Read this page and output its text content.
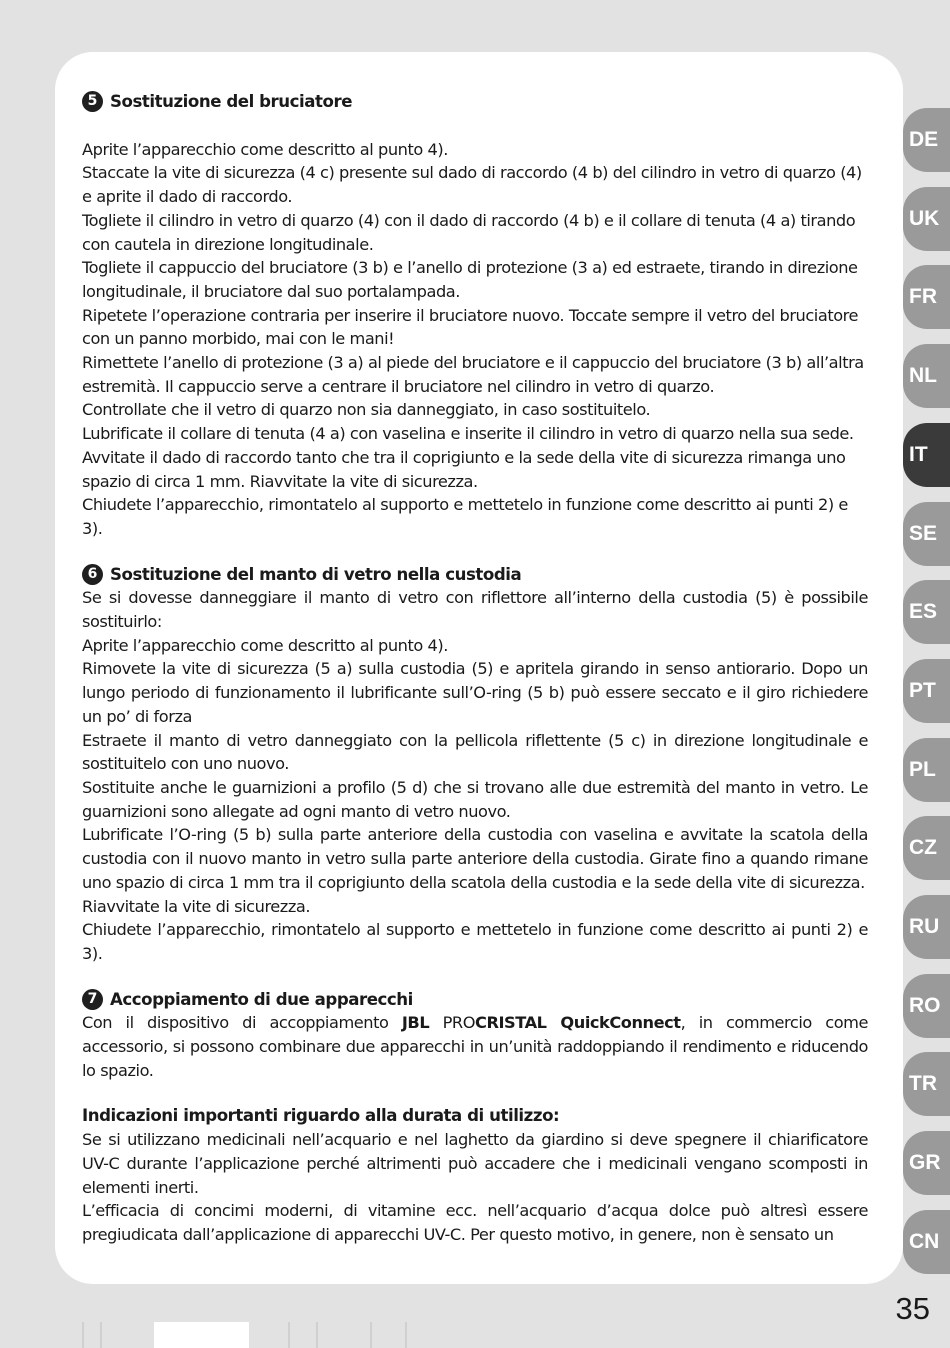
5 Sostituzione del bruciatore

Aprite l’apparecchio come descritto al punto 4).

Staccate la vite di sicurezza (4 c) presente sul dado di raccordo (4 b) del cilindro in vetro di quarzo (4) e aprite il dado di raccordo.

Togliete il cilindro in vetro di quarzo (4) con il dado di raccordo (4 b) e il collare di tenuta (4 a) tirando con cautela in direzione longitudinale.

Togliete il cappuccio del bruciatore (3 b) e l’anello di protezione (3 a) ed estraete, tirando in direzione longitudinale, il bruciatore dal suo portalampada.

Ripetete l’operazione contraria per inserire il bruciatore nuovo. Toccate sempre il vetro del bruciatore con un panno morbido, mai con le mani!

Rimettete l’anello di protezione (3 a) al piede del bruciatore e il cappuccio del bruciatore (3 b) all’altra estremità. Il cappuccio serve a centrare il bruciatore nel cilindro in vetro di quarzo.

Controllate che il vetro di quarzo non sia danneggiato, in caso sostituitelo.

Lubrificate il collare di tenuta (4 a) con vaselina e inserite il cilindro in vetro di quarzo nella sua sede.

Avvitate il dado di raccordo tanto che tra il coprigiunto e la sede della vite di sicurezza rimanga uno spazio di circa 1 mm. Riavvitate la vite di sicurezza.

Chiudete l’apparecchio, rimontatelo al supporto e mettetelo in funzione come descritto ai punti 2) e 3).

6 Sostituzione del manto di vetro nella custodia

Se si dovesse danneggiare il manto di vetro con riflettore all’interno della custodia (5) è possibile sostituirlo:

Aprite l’apparecchio come descritto al punto 4).

Rimovete la vite di sicurezza (5 a) sulla custodia (5) e apritela girando in senso antiorario. Dopo un lungo periodo di funzionamento il lubrificante sull’O-ring (5 b) può essere seccato e il giro richiedere un po’ di forza

Estraete il manto di vetro danneggiato con la pellicola riflettente (5 c) in direzione longitudinale e sostituitelo con uno nuovo.

Sostituite anche le guarnizioni a profilo (5 d) che si trovano alle due estremità del manto in vetro. Le guarnizioni sono allegate ad ogni manto di vetro nuovo.

Lubrificate l’O-ring (5 b) sulla parte anteriore della custodia con vaselina e avvitate la scatola della custodia con il nuovo manto in vetro sulla parte anteriore della custodia. Girate fino a quando rimane uno spazio di circa 1 mm tra il coprigiunto della scatola della custodia e la sede della vite di sicurezza.

Riavvitate la vite di sicurezza.

Chiudete l’apparecchio, rimontatelo al supporto e mettetelo in funzione come descritto ai punti 2) e 3).

7 Accoppiamento di due apparecchi

Con il dispositivo di accoppiamento JBL PROCRISTAL QuickConnect, in commercio come accessorio, si possono combinare due apparecchi in un’unità raddoppiando il rendimento e riducendo lo spazio.

Indicazioni importanti riguardo alla durata di utilizzo:

Se si utilizzano medicinali nell’acquario e nel laghetto da giardino si deve spegnere il chiarificatore UV-C durante l’applicazione perché altrimenti può accadere che i medicinali vengano scomposti in elementi inerti.

L’efficacia di concimi moderni, di vitamine ecc. nell’acquario d’acqua dolce può altresì essere pregiudicata dall’applicazione di apparecchi UV-C. Per questo motivo, in genere, non è sensato un

DE
UK
FR
NL
IT
SE
ES
PT
PL
CZ
RU
RO
TR
GR
CN
35
